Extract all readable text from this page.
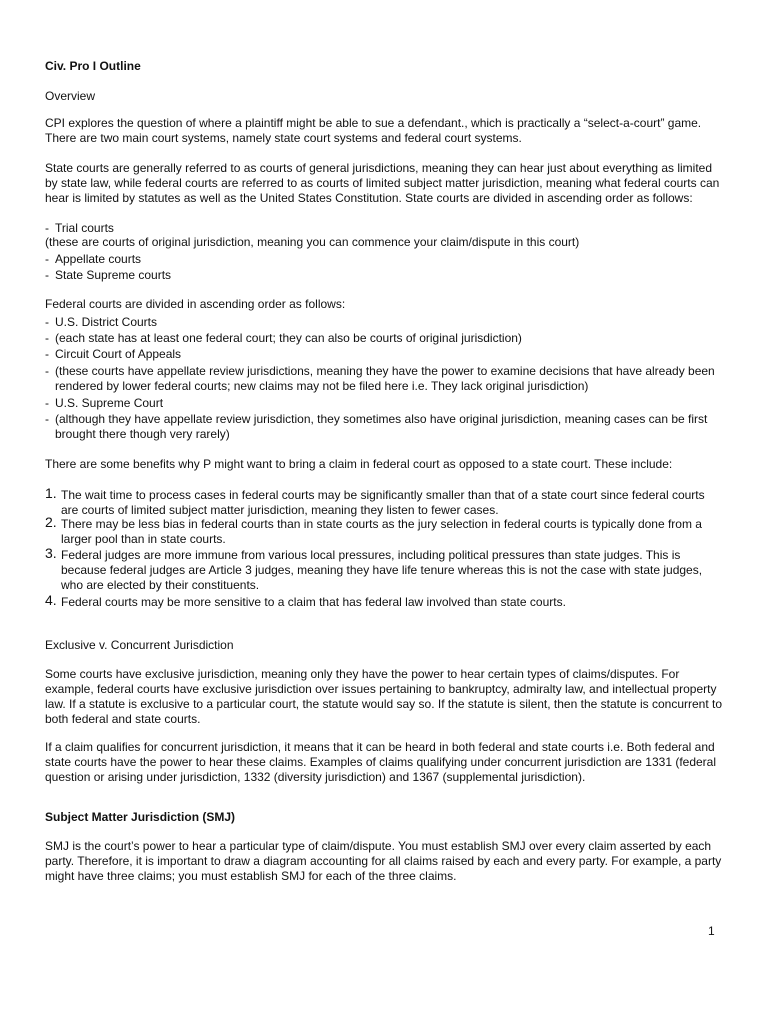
Civ. Pro I Outline
Overview
CPI explores the question of where a plaintiff might be able to sue a defendant., which is practically a “select-a-court” game. There are two main court systems, namely state court systems and federal court systems.
State courts are generally referred to as courts of general jurisdictions, meaning they can hear just about everything as limited by state law, while federal courts are referred to as courts of limited subject matter jurisdiction, meaning what federal courts can hear is limited by statutes as well as the United States Constitution. State courts are divided in ascending order as follows:
- Trial courts
(these are courts of original jurisdiction, meaning you can commence your claim/dispute in this court)
- Appellate courts
- State Supreme courts
Federal courts are divided in ascending order as follows:
- U.S. District Courts
- (each state has at least one federal court; they can also be courts of original jurisdiction)
- Circuit Court of Appeals
- (these courts have appellate review jurisdictions, meaning they have the power to examine decisions that have already been rendered by lower federal courts; new claims may not be filed here i.e. They lack original jurisdiction)
- U.S. Supreme Court
- (although they have appellate review jurisdiction, they sometimes also have original jurisdiction, meaning cases can be first brought there though very rarely)
There are some benefits why P might want to bring a claim in federal court as opposed to a state court. These include:
1. The wait time to process cases in federal courts may be significantly smaller than that of a state court since federal courts are courts of limited subject matter jurisdiction, meaning they listen to fewer cases.
2. There may be less bias in federal courts than in state courts as the jury selection in federal courts is typically done from a larger pool than in state courts.
3. Federal judges are more immune from various local pressures, including political pressures than state judges. This is because federal judges are Article 3 judges, meaning they have life tenure whereas this is not the case with state judges, who are elected by their constituents.
4. Federal courts may be more sensitive to a claim that has federal law involved than state courts.
Exclusive v. Concurrent Jurisdiction
Some courts have exclusive jurisdiction, meaning only they have the power to hear certain types of claims/disputes. For example, federal courts have exclusive jurisdiction over issues pertaining to bankruptcy, admiralty law, and intellectual property law. If a statute is exclusive to a particular court, the statute would say so. If the statute is silent, then the statute is concurrent to both federal and state courts.
If a claim qualifies for concurrent jurisdiction, it means that it can be heard in both federal and state courts i.e. Both federal and state courts have the power to hear these claims. Examples of claims qualifying under concurrent jurisdiction are 1331 (federal question or arising under jurisdiction, 1332 (diversity jurisdiction) and 1367 (supplemental jurisdiction).
Subject Matter Jurisdiction (SMJ)
SMJ is the court’s power to hear a particular type of claim/dispute. You must establish SMJ over every claim asserted by each party. Therefore, it is important to draw a diagram accounting for all claims raised by each and every party. For example, a party might have three claims; you must establish SMJ for each of the three claims.
1
